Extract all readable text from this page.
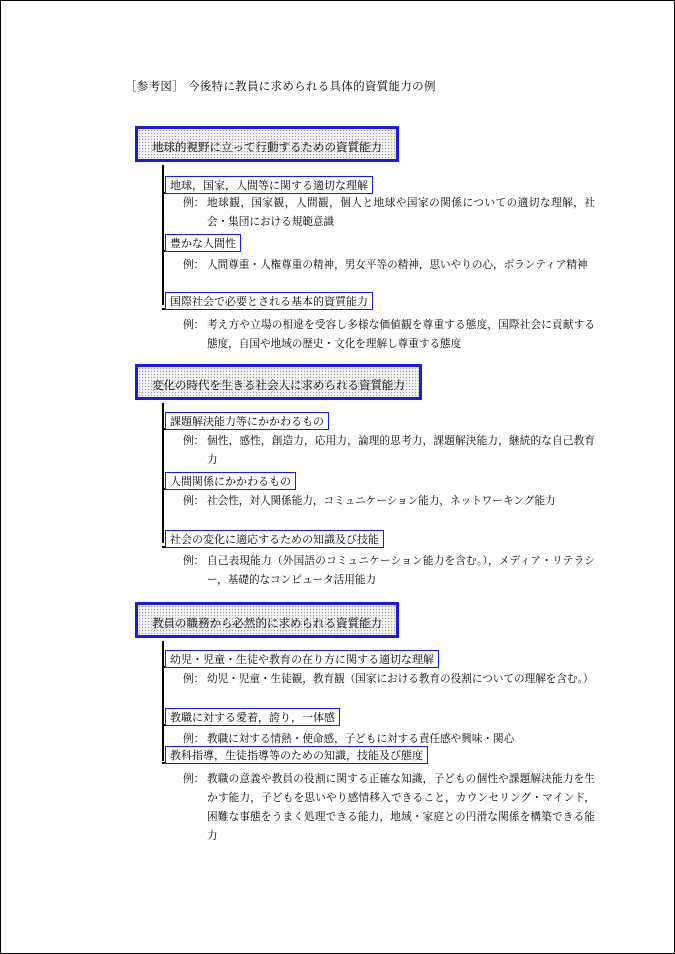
［参考図］ 今後特に教員に求められる具体的資質能力の例
地球的視野に立って行動するための資質能力
地球，国家，人間等に関する適切な理解
例： 地球観，国家観，人間観，個人と地球や国家の関係についての適切な理解，社会・集団における規範意識
豊かな人間性
例： 人間尊重・人権尊重の精神，男女平等の精神，思いやりの心，ボランティア精神
国際社会で必要とされる基本的資質能力
例： 考え方や立場の相違を受容し多様な価値観を尊重する態度，国際社会に貢献する態度，自国や地域の歴史・文化を理解し尊重する態度
変化の時代を生きる社会人に求められる資質能力
課題解決能力等にかかわるもの
例： 個性，感性，創造力，応用力，論理的思考力，課題解決能力，継続的な自己教育力
人間関係にかかわるもの
例： 社会性，対人関係能力，コミュニケーション能力，ネットワーキング能力
社会の変化に適応するための知識及び技能
例： 自己表現能力（外国語のコミュニケーション能力を含む。），メディア・リテラシー，基礎的なコンピュータ活用能力
教員の職務から必然的に求められる資質能力
幼児・児童・生徒や教育の在り方に関する適切な理解
例： 幼児・児童・生徒観，教育観（国家における教育の役割についての理解を含む。）
教職に対する愛着，誇り，一体感
例： 教職に対する情熱・使命感，子どもに対する責任感や興味・関心
教科指導，生徒指導等のための知識，技能及び態度
例： 教職の意義や教員の役割に関する正確な知識，子どもの個性や課題解決能力を生かす能力，子どもを思いやり感情移入できること，カウンセリング・マインド，困難な事態をうまく処理できる能力，地域・家庭との円滑な関係を構築できる能力
